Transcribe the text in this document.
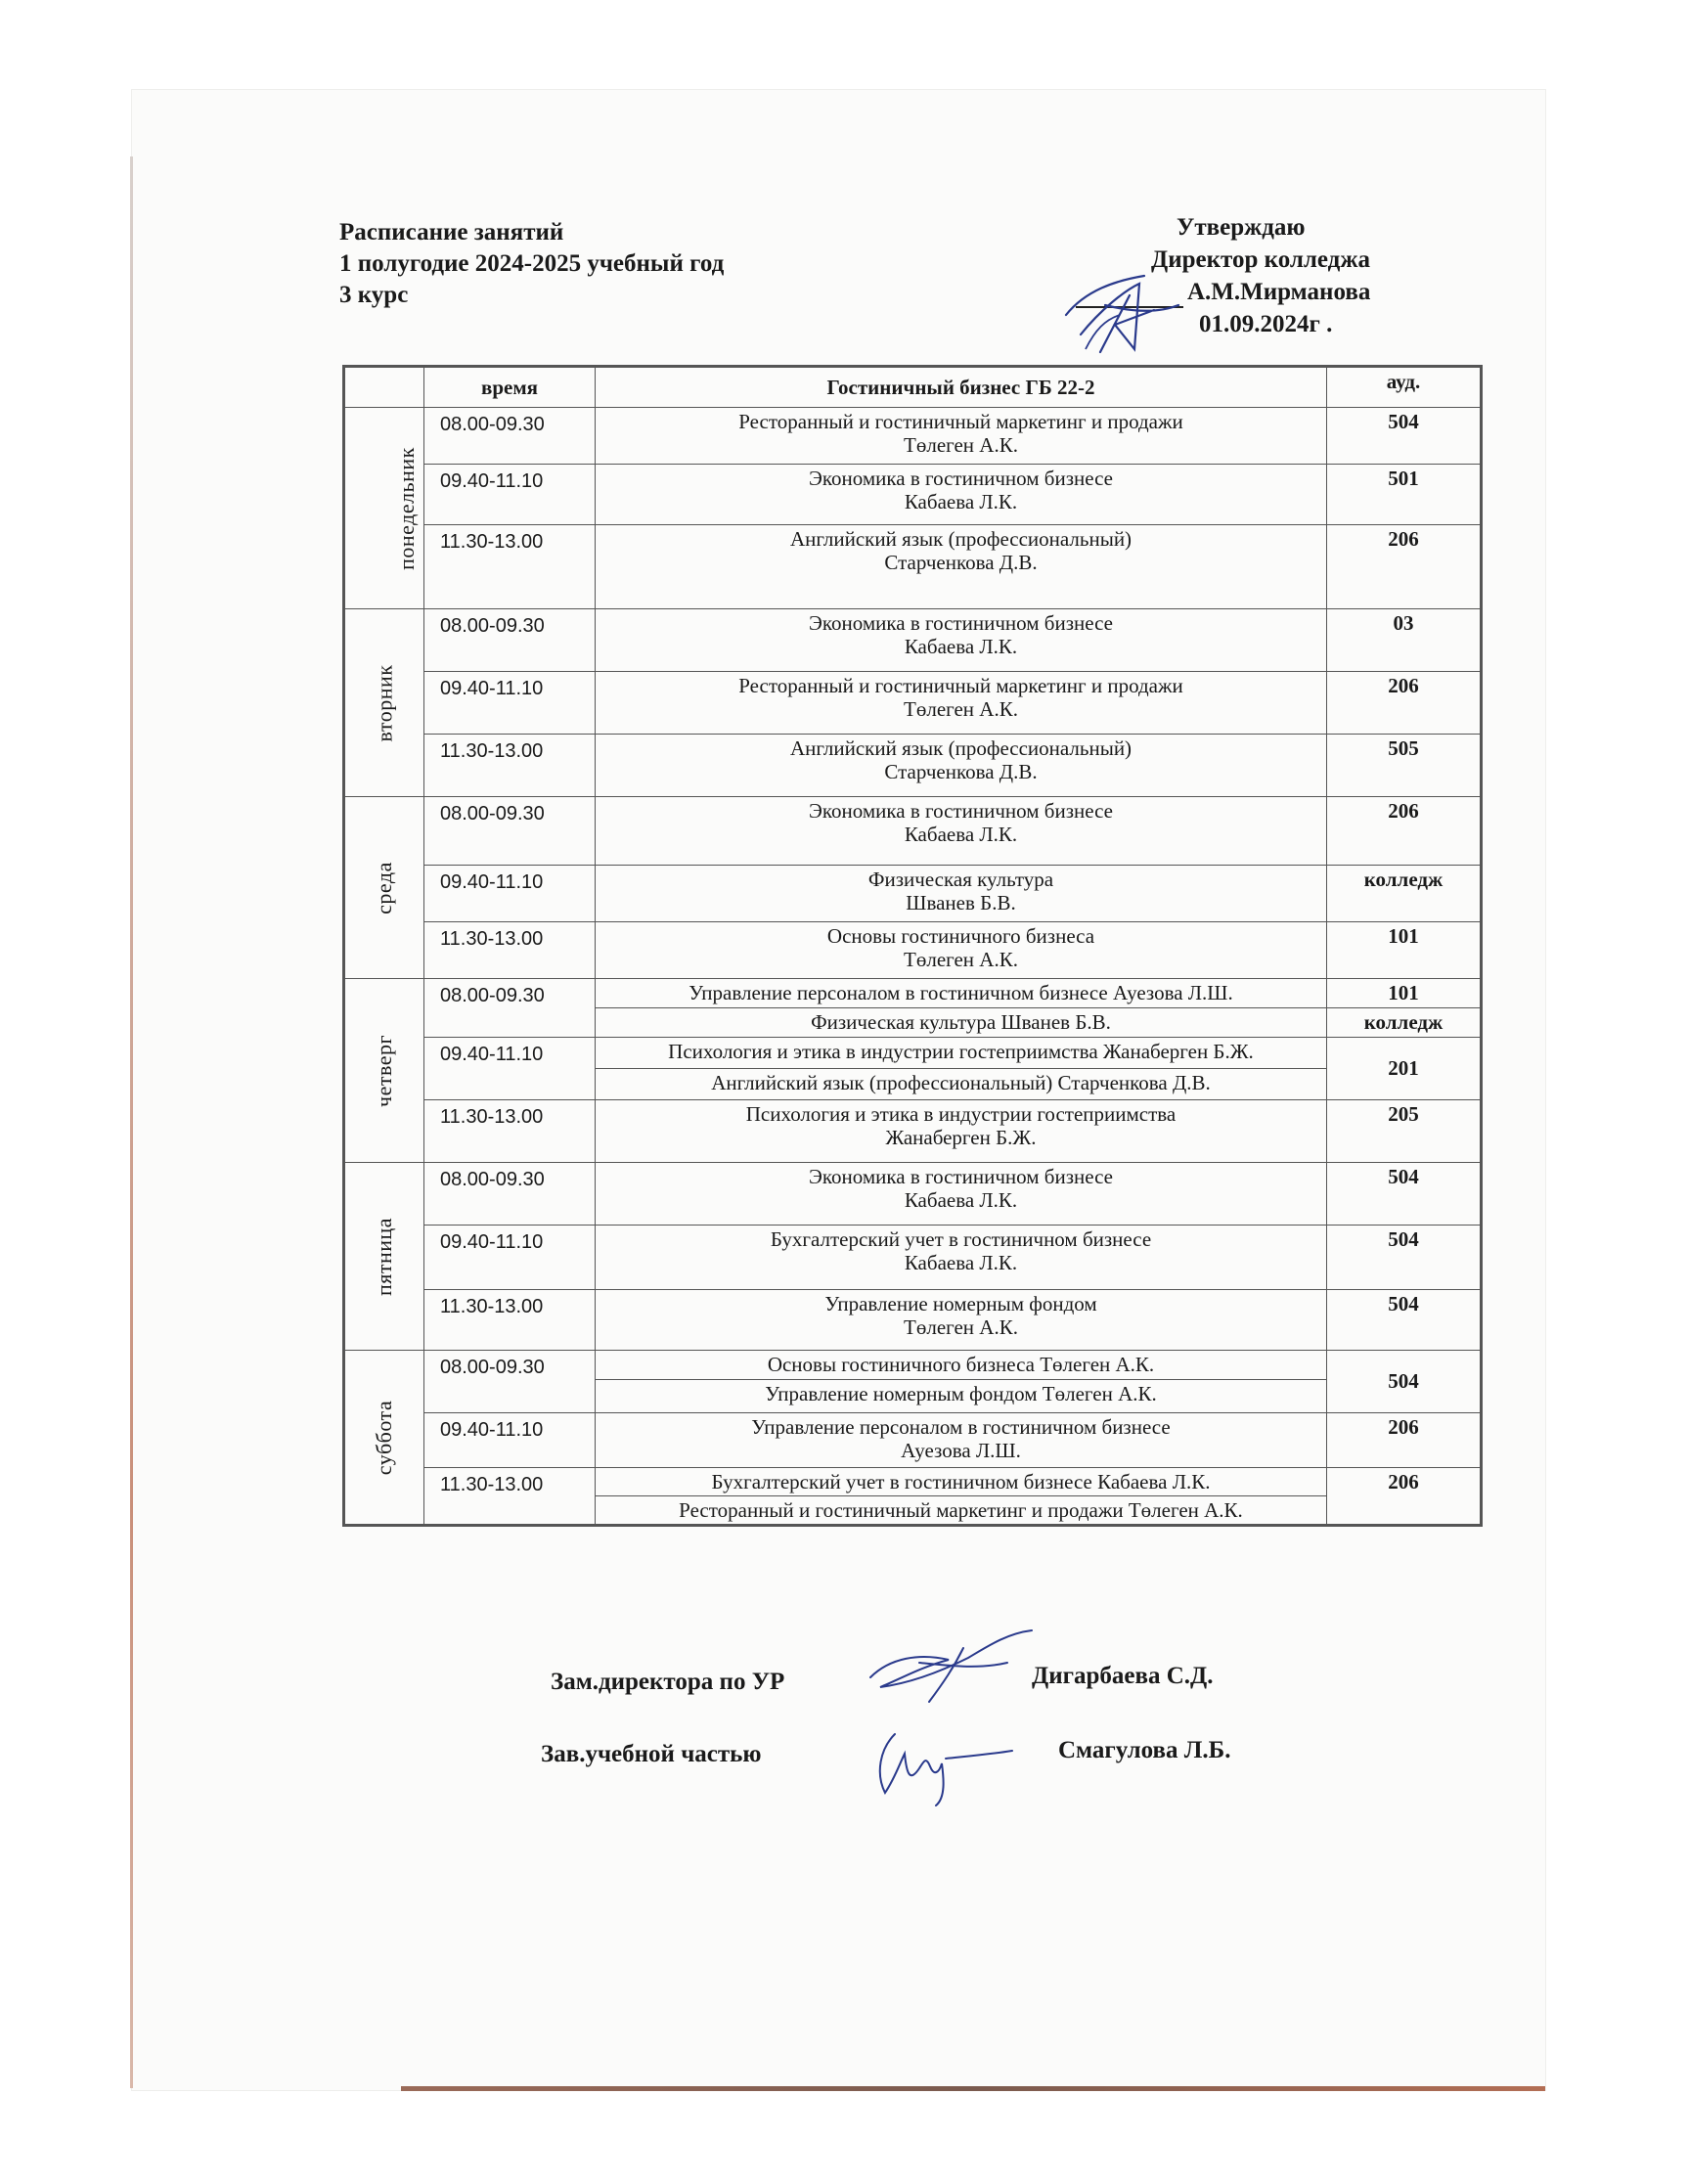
Расписание занятий
1 полугодие 2024-2025 учебный год
3 курс
Утверждаю
Директор колледжа
А.М.Мирманова
01.09.2024г .
	время	Гостиничный бизнес ГБ 22-2	ауд.
понедельник	08.00-09.30	Ресторанный и гостиничный маркетинг и продажи
Төлеген А.К.	504
	09.40-11.10	Экономика в гостиничном бизнесе
Кабаева Л.К.	501
	11.30-13.00	Английский язык (профессиональный)
Старченкова Д.В.	206
вторник	08.00-09.30	Экономика в гостиничном бизнесе
Кабаева Л.К.	03
	09.40-11.10	Ресторанный и гостиничный маркетинг и продажи
Төлеген А.К.	206
	11.30-13.00	Английский язык (профессиональный)
Старченкова Д.В.	505
среда	08.00-09.30	Экономика в гостиничном бизнесе
Кабаева Л.К.	206
	09.40-11.10	Физическая культура
Шванев Б.В.	колледж
	11.30-13.00	Основы гостиничного бизнеса
Төлеген А.К.	101
четверг	08.00-09.30	Управление персоналом в гостиничном бизнесе Ауезова Л.Ш.	101
		Физическая культура Шванев Б.В.	колледж
	09.40-11.10	Психология и этика в индустрии гостеприимства Жанаберген Б.Ж.	201
		Английский язык (профессиональный) Старченкова Д.В.	
	11.30-13.00	Психология и этика в индустрии гостеприимства
Жанаберген Б.Ж.	205
пятница	08.00-09.30	Экономика в гостиничном бизнесе
Кабаева Л.К.	504
	09.40-11.10	Бухгалтерский учет в гостиничном бизнесе
Кабаева Л.К.	504
	11.30-13.00	Управление номерным фондом
Төлеген А.К.	504
суббота	08.00-09.30	Основы гостиничного бизнеса Төлеген А.К.	504
		Управление номерным фондом Төлеген А.К.	
	09.40-11.10	Управление персоналом в гостиничном бизнесе
Ауезова Л.Ш.	206
	11.30-13.00	Бухгалтерский учет в гостиничном бизнесе Кабаева Л.К.	206
		Ресторанный и гостиничный маркетинг и продажи Төлеген А.К.	
Зам.директора по УР	Дигарбаева С.Д.
Зав.учебной частью	Смагулова Л.Б.
